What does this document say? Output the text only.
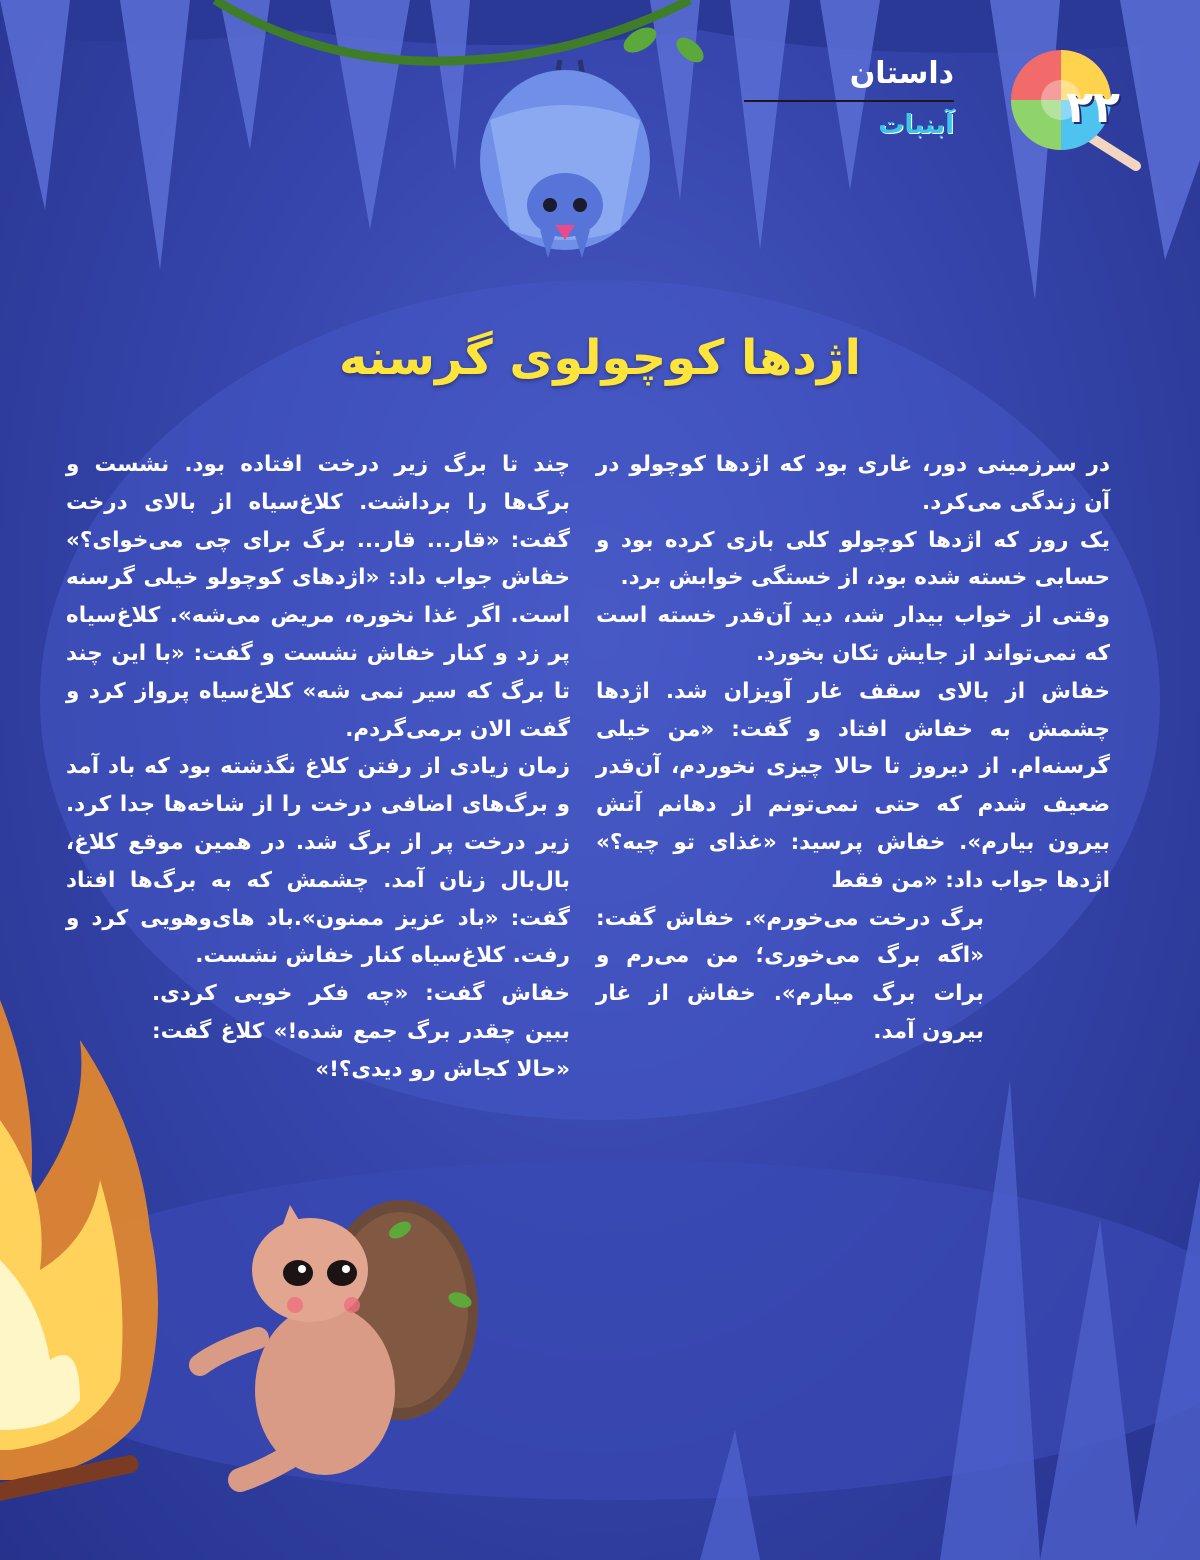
داستان
آبنبات	۲۲
اژدها کوچولوی گرسنه

در سرزمینی دور، غاری بود که اژدها کوچولو در آن زندگی می‌کرد.

یک روز که اژدها کوچولو کلی بازی کرده بود و حسابی خسته شده بود، از خستگی خوابش برد.

وقتی از خواب بیدار شد، دید آن‌قدر خسته است که نمی‌تواند از جایش تکان بخورد.

خفاش از بالای سقف غار آویزان شد. اژدها چشمش به خفاش افتاد و گفت: «من خیلی گرسنه‌ام. از دیروز تا حالا چیزی نخوردم، آن‌قدر ضعیف شدم که حتی نمی‌تونم از دهانم آتش بیرون بیارم». خفاش پرسید: «غذای تو چیه؟» اژدها جواب داد: «من فقط

برگ درخت می‌خورم». خفاش گفت: «اگه برگ می‌خوری؛ من می‌رم و برات برگ میارم». خفاش از غار بیرون آمد.

چند تا برگ زیر درخت افتاده بود. نشست و برگ‌ها را برداشت. کلاغ‌سیاه از بالای درخت گفت: «قار... قار... برگ برای چی می‌خوای؟» خفاش جواب داد: «اژدهای کوچولو خیلی گرسنه است. اگر غذا نخوره، مریض می‌شه». کلاغ‌سیاه پر زد و کنار خفاش نشست و گفت: «با این چند تا برگ که سیر نمی شه» کلاغ‌سیاه پرواز کرد و گفت الان برمی‌گردم.

زمان زیادی از رفتن کلاغ نگذشته بود که باد آمد و برگ‌های اضافی درخت را از شاخه‌ها جدا کرد. زیر درخت پر از برگ شد. در همین موقع کلاغ، بال‌بال زنان آمد. چشمش که به برگ‌ها افتاد گفت: «باد عزیز ممنون».باد های‌وهویی کرد و رفت. کلاغ‌سیاه کنار خفاش نشست.

خفاش گفت: «چه فکر خوبی کردی. ببین چقدر برگ جمع شده!» کلاغ گفت: «حالا کجاش رو دیدی؟!»
